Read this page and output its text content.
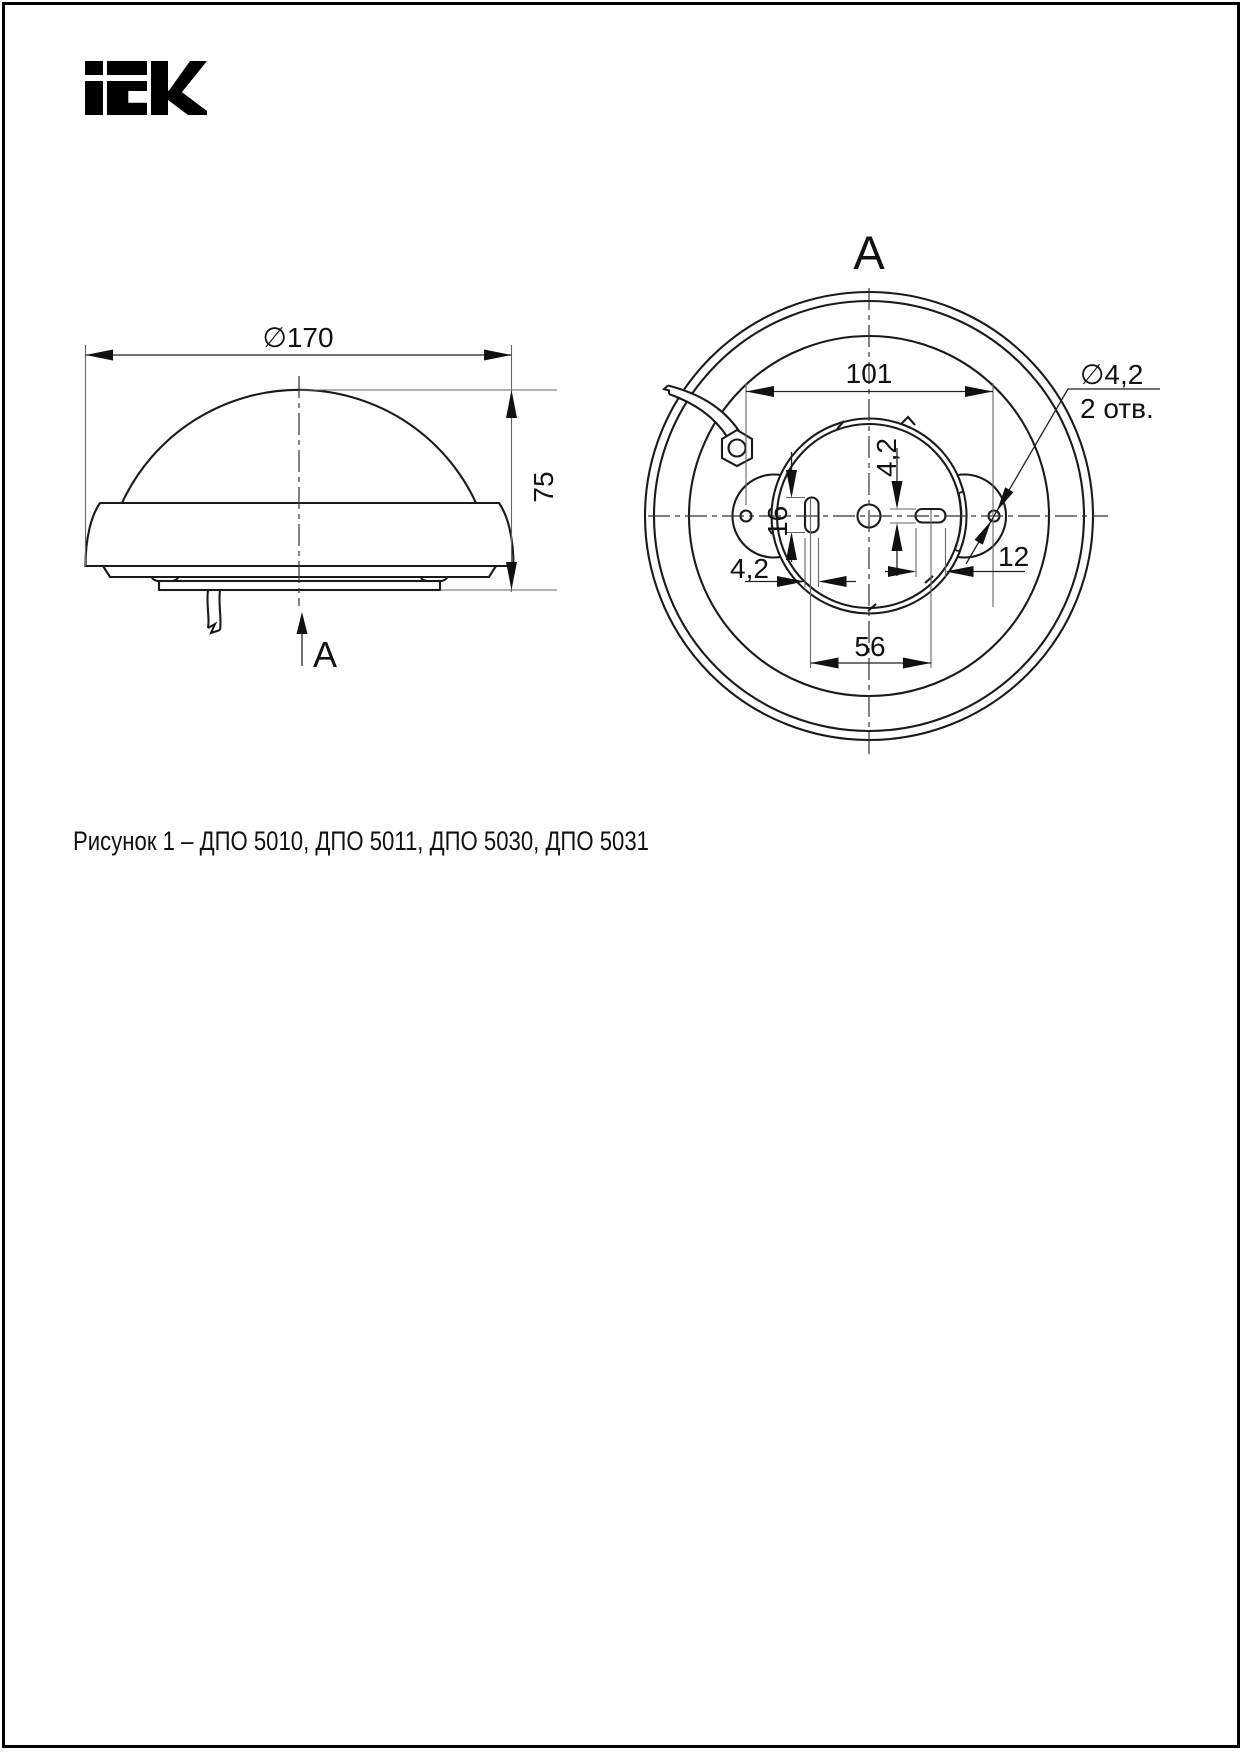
∅170
75
A
A
101
4,2
16
4,2	12
56
∅4,2
2 отв.
Рисунок 1 – ДПО 5010, ДПО 5011, ДПО 5030, ДПО 5031
